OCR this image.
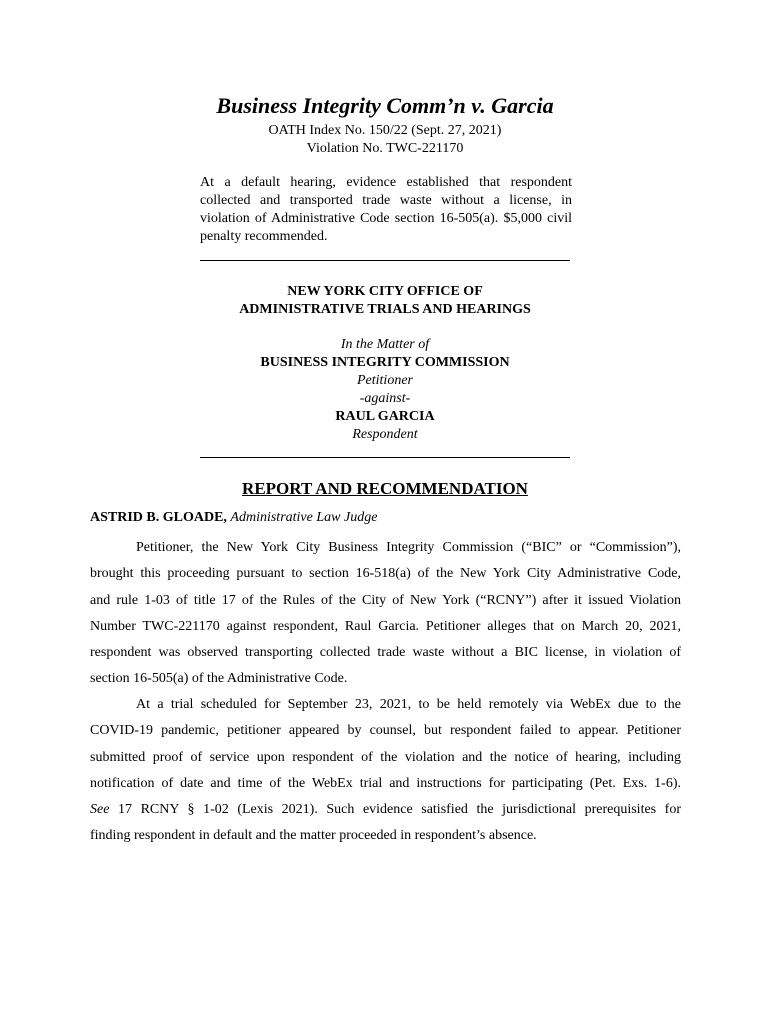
Business Integrity Comm’n v. Garcia
OATH Index No. 150/22 (Sept. 27, 2021)
Violation No. TWC-221170
At a default hearing, evidence established that respondent collected and transported trade waste without a license, in violation of Administrative Code section 16-505(a). $5,000 civil penalty recommended.
NEW YORK CITY OFFICE OF
ADMINISTRATIVE TRIALS AND HEARINGS
In the Matter of
BUSINESS INTEGRITY COMMISSION
Petitioner
-against-
RAUL GARCIA
Respondent
REPORT AND RECOMMENDATION
ASTRID B. GLOADE, Administrative Law Judge
Petitioner, the New York City Business Integrity Commission (“BIC” or “Commission”),
brought this proceeding pursuant to section 16-518(a) of the New York City Administrative Code,
and rule 1-03 of title 17 of the Rules of the City of New York (“RCNY”) after it issued Violation
Number TWC-221170 against respondent, Raul Garcia. Petitioner alleges that on March 20, 2021,
respondent was observed transporting collected trade waste without a BIC license, in violation of
section 16-505(a) of the Administrative Code.
At a trial scheduled for September 23, 2021, to be held remotely via WebEx due to the
COVID-19 pandemic, petitioner appeared by counsel, but respondent failed to appear. Petitioner
submitted proof of service upon respondent of the violation and the notice of hearing, including
notification of date and time of the WebEx trial and instructions for participating (Pet. Exs. 1-6).
See 17 RCNY § 1-02 (Lexis 2021). Such evidence satisfied the jurisdictional prerequisites for
finding respondent in default and the matter proceeded in respondent’s absence.
